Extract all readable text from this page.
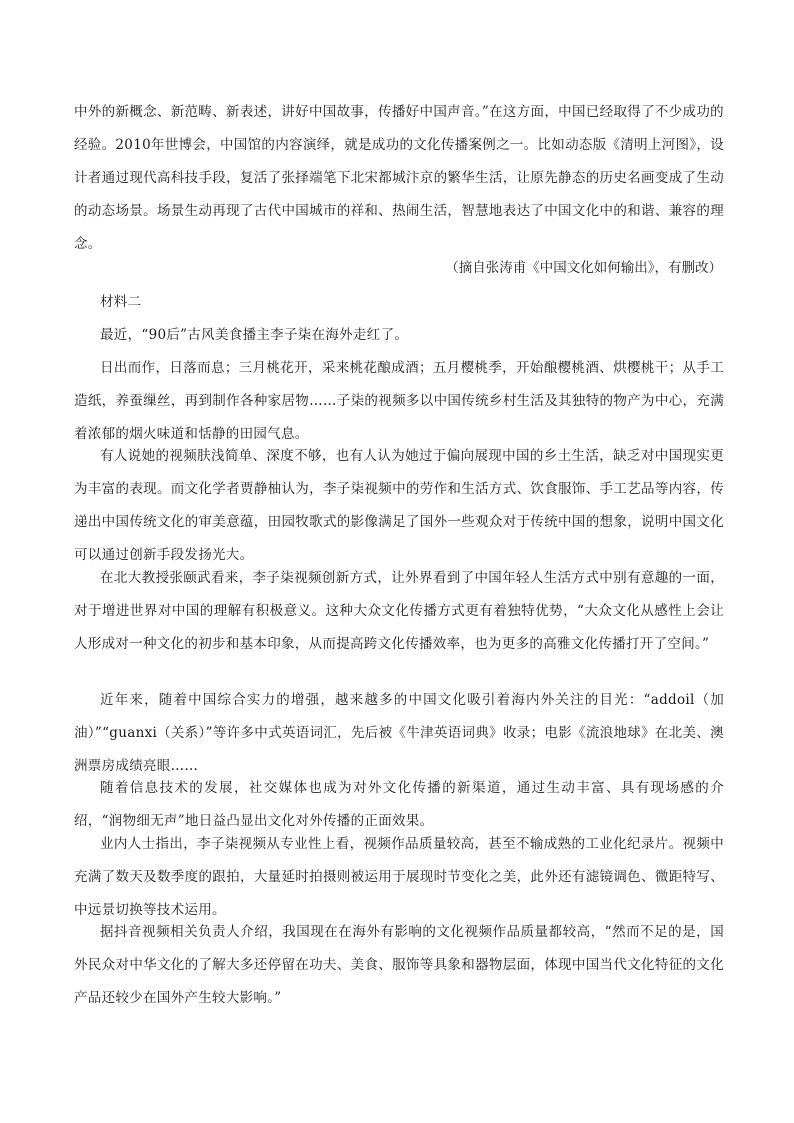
中外的新概念、新范畴、新表述，讲好中国故事，传播好中国声音。”在这方面，中国已经取得了不少成功的经验。2010年世博会，中国馆的内容演绎，就是成功的文化传播案例之一。比如动态版《清明上河图》，设计者通过现代高科技手段，复活了张择端笔下北宋都城汴京的繁华生活，让原先静态的历史名画变成了生动的动态场景。场景生动再现了古代中国城市的祥和、热闹生活，智慧地表达了中国文化中的和谐、兼容的理念。

（摘自张涛甫《中国文化如何输出》，有删改）

材料二

最近，“90后”古风美食播主李子柒在海外走红了。

日出而作，日落而息；三月桃花开，采来桃花酿成酒；五月樱桃季，开始酿樱桃酒、烘樱桃干；从手工造纸，养蚕缫丝，再到制作各种家居物……子柒的视频多以中国传统乡村生活及其独特的物产为中心，充满着浓郁的烟火味道和恬静的田园气息。

有人说她的视频肤浅简单、深度不够，也有人认为她过于偏向展现中国的乡土生活，缺乏对中国现实更为丰富的表现。而文化学者贾静柚认为，李子柒视频中的劳作和生活方式、饮食服饰、手工艺品等内容，传递出中国传统文化的审美意蕴，田园牧歌式的影像满足了国外一些观众对于传统中国的想象，说明中国文化可以通过创新手段发扬光大。

在北大教授张颐武看来，李子柒视频创新方式，让外界看到了中国年轻人生活方式中别有意趣的一面，对于增进世界对中国的理解有积极意义。这种大众文化传播方式更有着独特优势，“大众文化从感性上会让人形成对一种文化的初步和基本印象，从而提高跨文化传播效率，也为更多的高雅文化传播打开了空间。”

近年来，随着中国综合实力的增强，越来越多的中国文化吸引着海内外关注的目光：“addoil（加油）”“guanxi（关系）”等许多中式英语词汇，先后被《牛津英语词典》收录；电影《流浪地球》在北美、澳洲票房成绩亮眼……

随着信息技术的发展，社交媒体也成为对外文化传播的新渠道，通过生动丰富、具有现场感的介绍，“润物细无声”地日益凸显出文化对外传播的正面效果。

业内人士指出，李子柒视频从专业性上看，视频作品质量较高，甚至不输成熟的工业化纪录片。视频中充满了数天及数季度的跟拍，大量延时拍摄则被运用于展现时节变化之美，此外还有滤镜调色、微距特写、中远景切换等技术运用。

据抖音视频相关负责人介绍，我国现在在海外有影响的文化视频作品质量都较高，“然而不足的是，国外民众对中华文化的了解大多还停留在功夫、美食、服饰等具象和器物层面，体现中国当代文化特征的文化产品还较少在国外产生较大影响。”
